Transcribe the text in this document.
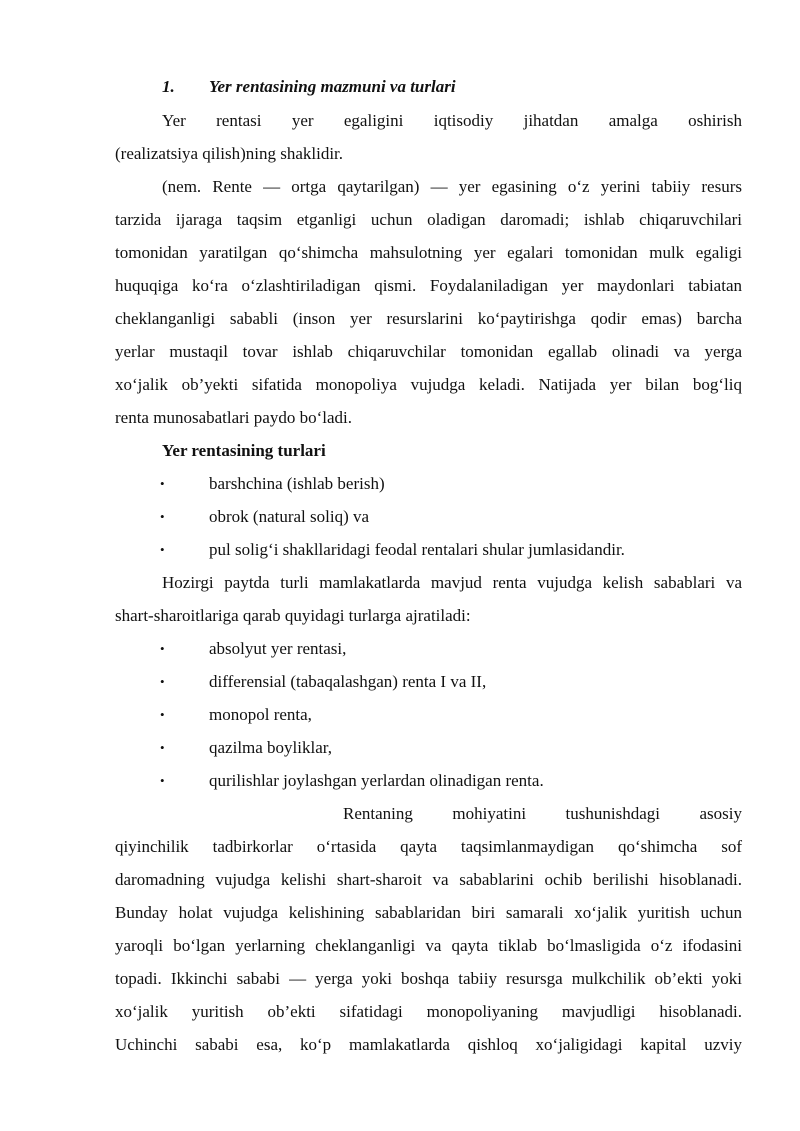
1. Yer rentasining mazmuni va turlari
Yer rentasi yer egaligini iqtisodiy jihatdan amalga oshirish
(realizatsiya qilish)ning shaklidir.
(nem. Rente — ortga qaytarilgan) — yer egasining o‘z yerini tabiiy resurs
tarzida ijaraga taqsim etganligi uchun oladigan daromadi; ishlab chiqaruvchilari
tomonidan yaratilgan qo‘shimcha mahsulotning yer egalari tomonidan mulk egaligi
huquqiga ko‘ra o‘zlashtiriladigan qismi. Foydalaniladigan yer maydonlari tabiatan
cheklanganligi sababli (inson yer resurslarini ko‘paytirishga qodir emas) barcha
yerlar mustaqil tovar ishlab chiqaruvchilar tomonidan egallab olinadi va yerga
xo‘jalik ob’yekti sifatida monopoliya vujudga keladi. Natijada yer bilan bog‘liq
renta munosabatlari paydo bo‘ladi.
Yer rentasining turlari
•	barshchina (ishlab berish)
•	obrok (natural soliq) va
•	pul solig‘i shakllaridagi feodal rentalari shular jumlasidandir.
Hozirgi paytda turli mamlakatlarda mavjud renta vujudga kelish sabablari va
shart-sharoitlariga qarab quyidagi turlarga ajratiladi:
•	absolyut yer rentasi,
•	differensial (tabaqalashgan) renta I va II,
•	monopol renta,
•	qazilma boyliklar,
•	qurilishlar joylashgan yerlardan olinadigan renta.
Rentaning mohiyatini tushunishdagi asosiy
qiyinchilik tadbirkorlar o‘rtasida qayta taqsimlanmaydigan qo‘shimcha sof
daromadning vujudga kelishi shart-sharoit va sabablarini ochib berilishi hisoblanadi.
Bunday holat vujudga kelishining sabablaridan biri samarali xo‘jalik yuritish uchun
yaroqli bo‘lgan yerlarning cheklanganligi va qayta tiklab bo‘lmasligida o‘z ifodasini
topadi. Ikkinchi sababi — yerga yoki boshqa tabiiy resursga mulkchilik ob’ekti yoki
xo‘jalik yuritish ob’ekti sifatidagi monopoliyaning mavjudligi hisoblanadi.
Uchinchi sababi esa, ko‘p mamlakatlarda qishloq xo‘jaligidagi kapital uzviy
